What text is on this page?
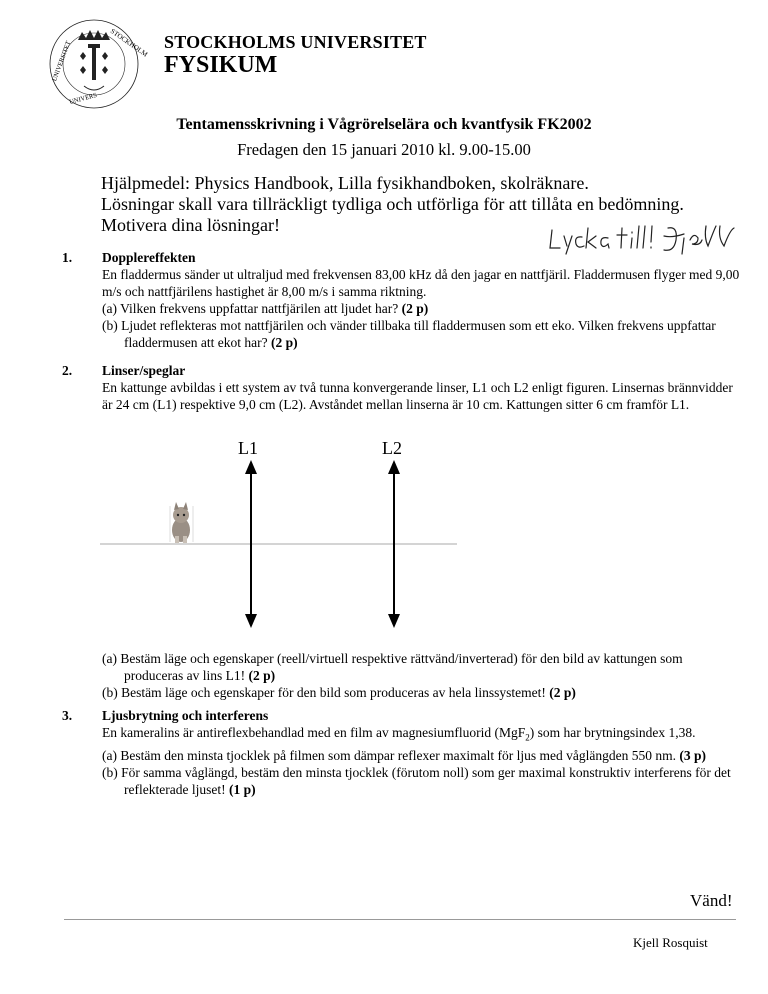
STOCKHOLM
UNIVERSITET
UNIVERS
STOCKHOLMS UNIVERSITET
FYSIKUM
Tentamensskrivning i Vågrörelselära och kvantfysik FK2002
Fredagen den 15 januari 2010 kl. 9.00-15.00
Hjälpmedel: Physics Handbook, Lilla fysikhandboken, skolräknare.
Lösningar skall vara tillräckligt tydliga och utförliga för att tillåta en bedömning.
Motivera dina lösningar!
1. Dopplereffekten
En fladdermus sänder ut ultraljud med frekvensen 83,00 kHz då den jagar en nattfjäril. Fladdermusen flyger med 9,00 m/s och nattfjärilens hastighet är 8,00 m/s i samma riktning.
(a) Vilken frekvens uppfattar nattfjärilen att ljudet har? (2 p)
(b) Ljudet reflekteras mot nattfjärilen och vänder tillbaka till fladdermusen som ett eko. Vilken frekvens uppfattar fladdermusen att ekot har? (2 p)
2. Linser/speglar
En kattunge avbildas i ett system av två tunna konvergerande linser, L1 och L2 enligt figuren. Linsernas brännvidder är 24 cm (L1) respektive 9,0 cm (L2). Avståndet mellan linserna är 10 cm. Kattungen sitter 6 cm framför L1.
L1	L2
(a) Bestäm läge och egenskaper (reell/virtuell respektive rättvänd/inverterad) för den bild av kattungen som produceras av lins L1! (2 p)
(b) Bestäm läge och egenskaper för den bild som produceras av hela linssystemet! (2 p)
3. Ljusbrytning och interferens
En kameralins är antireflexbehandlad med en film av magnesiumfluorid (MgF$_2$) som har brytningsindex 1,38.
(a) Bestäm den minsta tjocklek på filmen som dämpar reflexer maximalt för ljus med våglängden 550 nm. (3 p)
(b) För samma våglängd, bestäm den minsta tjocklek (förutom noll) som ger maximal konstruktiv interferens för det reflekterade ljuset! (1 p)
Vänd!
Kjell Rosquist
